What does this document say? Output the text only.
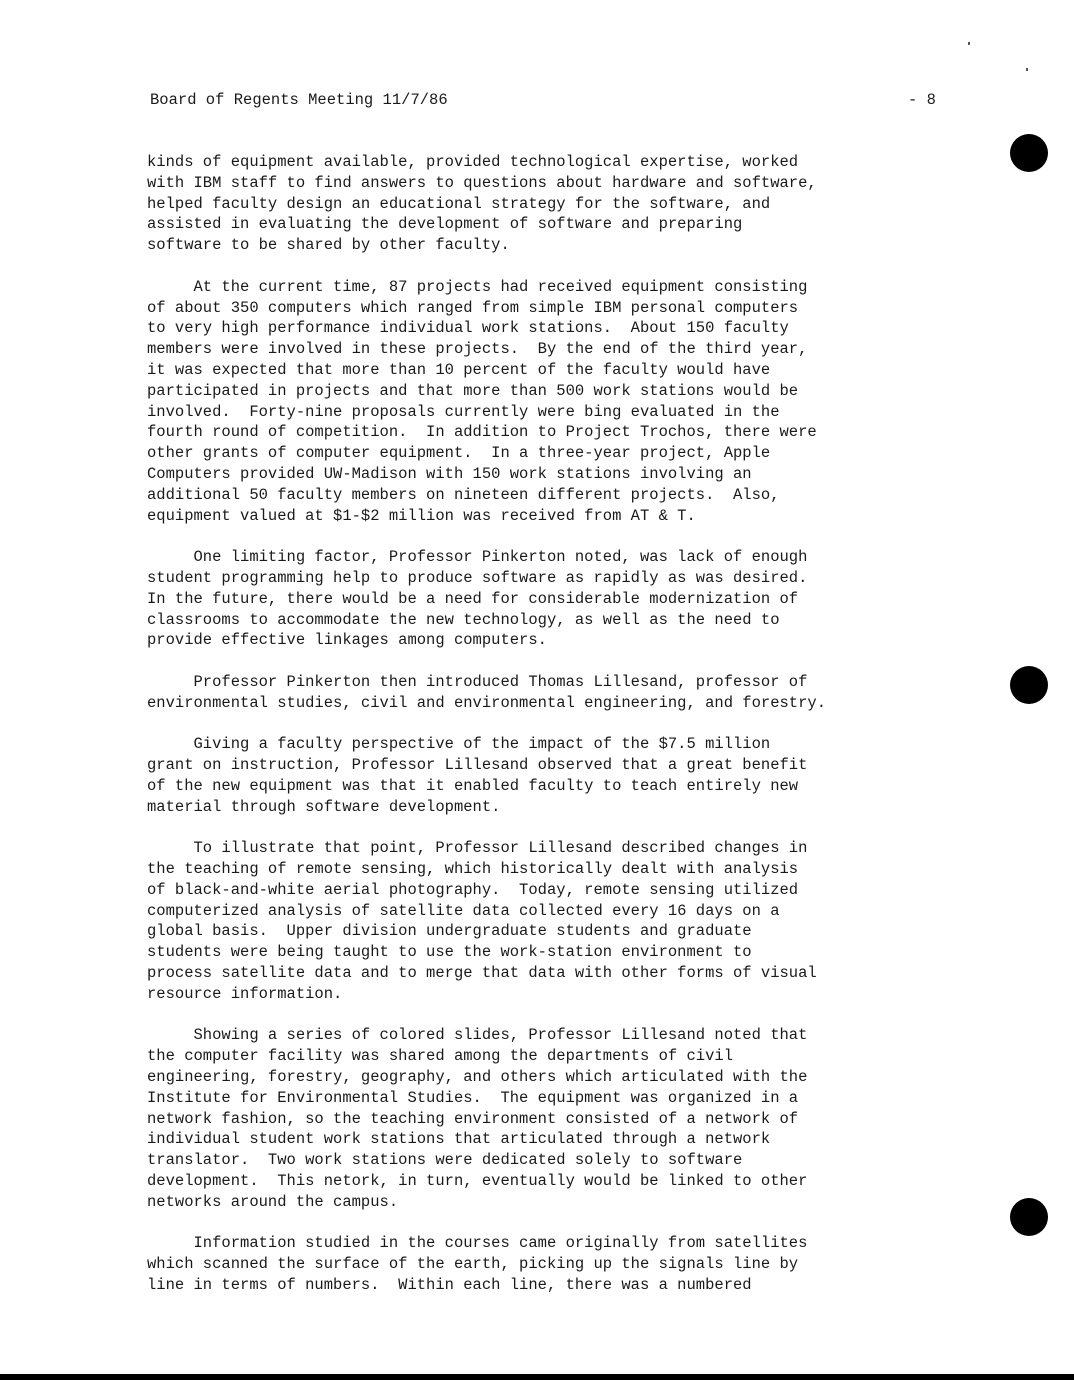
Board of Regents Meeting 11/7/86	- 8
kinds of equipment available, provided technological expertise, worked
with IBM staff to find answers to questions about hardware and software,
helped faculty design an educational strategy for the software, and
assisted in evaluating the development of software and preparing
software to be shared by other faculty.
At the current time, 87 projects had received equipment consisting
of about 350 computers which ranged from simple IBM personal computers
to very high performance individual work stations.  About 150 faculty
members were involved in these projects.  By the end of the third year,
it was expected that more than 10 percent of the faculty would have
participated in projects and that more than 500 work stations would be
involved.  Forty-nine proposals currently were bing evaluated in the
fourth round of competition.  In addition to Project Trochos, there were
other grants of computer equipment.  In a three-year project, Apple
Computers provided UW-Madison with 150 work stations involving an
additional 50 faculty members on nineteen different projects.  Also,
equipment valued at $1-$2 million was received from AT & T.
One limiting factor, Professor Pinkerton noted, was lack of enough
student programming help to produce software as rapidly as was desired.
In the future, there would be a need for considerable modernization of
classrooms to accommodate the new technology, as well as the need to
provide effective linkages among computers.
Professor Pinkerton then introduced Thomas Lillesand, professor of
environmental studies, civil and environmental engineering, and forestry.
Giving a faculty perspective of the impact of the $7.5 million
grant on instruction, Professor Lillesand observed that a great benefit
of the new equipment was that it enabled faculty to teach entirely new
material through software development.
To illustrate that point, Professor Lillesand described changes in
the teaching of remote sensing, which historically dealt with analysis
of black-and-white aerial photography.  Today, remote sensing utilized
computerized analysis of satellite data collected every 16 days on a
global basis.  Upper division undergraduate students and graduate
students were being taught to use the work-station environment to
process satellite data and to merge that data with other forms of visual
resource information.
Showing a series of colored slides, Professor Lillesand noted that
the computer facility was shared among the departments of civil
engineering, forestry, geography, and others which articulated with the
Institute for Environmental Studies.  The equipment was organized in a
network fashion, so the teaching environment consisted of a network of
individual student work stations that articulated through a network
translator.  Two work stations were dedicated solely to software
development.  This netork, in turn, eventually would be linked to other
networks around the campus.
Information studied in the courses came originally from satellites
which scanned the surface of the earth, picking up the signals line by
line in terms of numbers.  Within each line, there was a numbered
